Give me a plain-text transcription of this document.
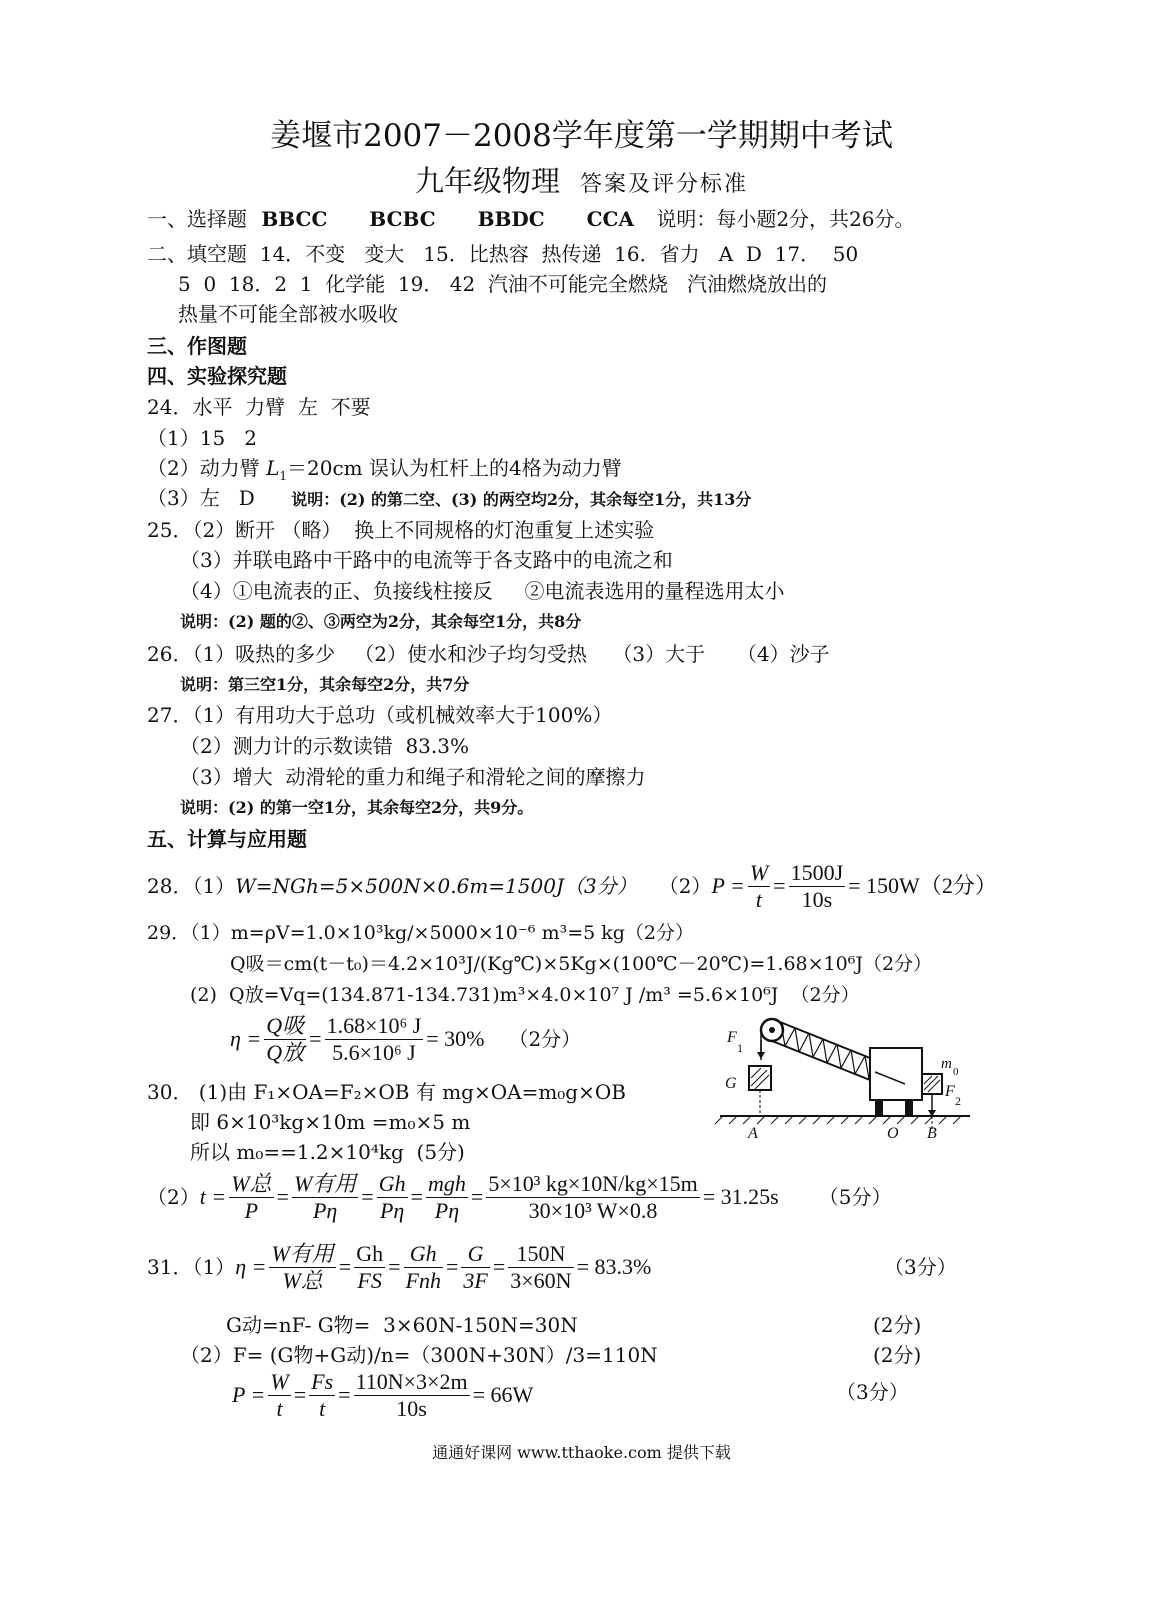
姜堰市2007－2008学年度第一学期期中考试
九年级物理 答案及评分标准
一、选择题 BBCC  BCBC  BBDC  CCA 说明：每小题2分，共26分。
二、填空题  14．不变   变大   15．比热容  热传递  16．省力   A  D  17．  50
5  0  18．2  1  化学能  19． 42  汽油不可能完全燃烧   汽油燃烧放出的
热量不可能全部被水吸收
三、作图题
四、实验探究题
24．水平  力臂  左  不要
（1）15   2
（2）动力臂 $L_1=20cm$ 误认为杠杆上的4格为动力臂
（3）左   D 说明：(2) 的第二空、(3) 的两空均2分，其余每空1分，共13分
25．（2）断开 （略）  换上不同规格的灯泡重复上述实验
（3）并联电路中干路中的电流等于各支路中的电流之和
（4）①电流表的正、负接线柱接反     ②电流表选用的量程选用太小
说明：(2) 题的②、③两空为2分，其余每空1分，共8分
26．（1）吸热的多少   （2）使水和沙子均匀受热    （3）大于     （4）沙子
说明：第三空1分，其余每空2分，共7分
27．（1）有用功大于总功（或机械效率大于100%）
（2）测力计的示数读错  83.3%
（3）增大  动滑轮的重力和绳子和滑轮之间的摩擦力
说明：(2) 的第一空1分，其余每空2分，共9分。
五、计算与应用题
28．（1） W=NGh=5×500N×0.6m=1500J（3分） （2） $P = \frac{W}{t} = \frac{1500J}{10s} = 150W(2$分）
29．（1）m=ρV=1.0×10³kg/×5000×10⁻⁶ m³=5 kg（2分）
Q吸＝cm(t－t₀)＝4.2×10³J/(Kg℃)×5Kg×(100℃－20℃)=1.68×10⁶J（2分）
(2)  Q放=Vq=(134.871-134.731)m³×4.0×10⁷ J /m³ =5.6×10⁶J  （2分）
$\eta = \frac{\text{Q吸}}{\text{Q放}} = \frac{\text{1.68×10⁶ J}}{\text{5.6×10⁶ J}} = 30\%$ （2分）	F
1
G
m 0
F
2
A	O B
30． (1)由 F₁×OA=F₂×OB 有 mg×OA=m₀g×OB
即 6×10³kg×10m =m₀×5 m
所以 m₀==1.2×10⁴kg  (5分)
（2） $t = \frac{\text{W总}}{P} = \frac{\text{W有用}}{P\eta} = \frac{Gh}{P\eta} = \frac{\text{mgh}}{P\eta} = \frac{\text{5×10³ kg×10N/kg×15m}}{\text{30×10³ W×0.8}} = 31.25s$ （5分）
31．（1） $\eta = \frac{\text{W有用}}{\text{W总}} = \frac{Gh}{FS} = \frac{Gh}{\text{Fnh}} = \frac{G}{3F} = \frac{150N}{3\times 60N} = 83.3\%$	（3分）
G动=nF- G物=  3×60N-150N=30N	(2分)
（2）F= (G物+G动)/n=（300N+30N）/3=110N	(2分)
$P = \frac{W}{t} = \frac{Fs}{t} = \frac{110N\times 3\times 2m}{10s} = 66W$	（3分）
通通好课网 www.tthaoke.com 提供下载
